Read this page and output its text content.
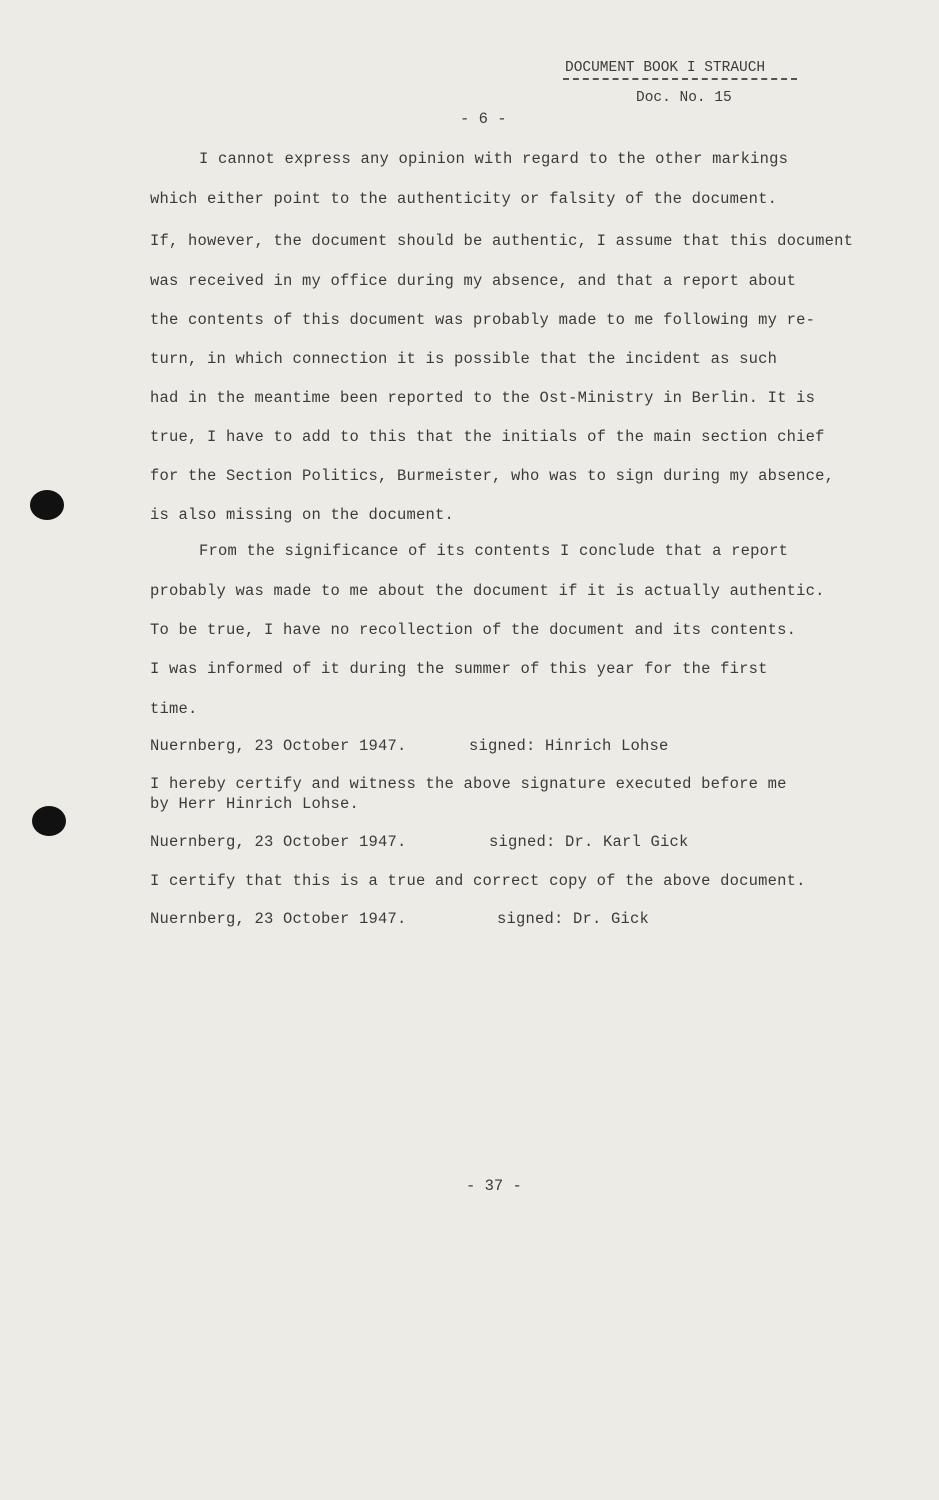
DOCUMENT BOOK I STRAUCH
Doc. No. 15
- 6 -
I cannot express any opinion with regard to the other markings
which either point to the authenticity or falsity of the document.
If, however, the document should be authentic, I assume that this document
was received in my office during my absence, and that a report about
the contents of this document was probably made to me following my re-
turn, in which connection it is possible that the incident as such
had in the meantime been reported to the Ost-Ministry in Berlin. It is
true, I have to add to this that the initials of the main section chief
for the Section Politics, Burmeister, who was to sign during my absence,
is also missing on the document.
From the significance of its contents I conclude that a report
probably was made to me about the document if it is actually authentic.
To be true, I have no recollection of the document and its contents.
I was informed of it during the summer of this year for the first
time.
Nuernberg, 23 October 1947.	signed: Hinrich Lohse
I hereby certify and witness the above signature executed before me
by Herr Hinrich Lohse.
Nuernberg, 23 October 1947.	signed: Dr. Karl Gick
I certify that this is a true and correct copy of the above document.
Nuernberg, 23 October 1947.	signed: Dr. Gick
- 37 -
